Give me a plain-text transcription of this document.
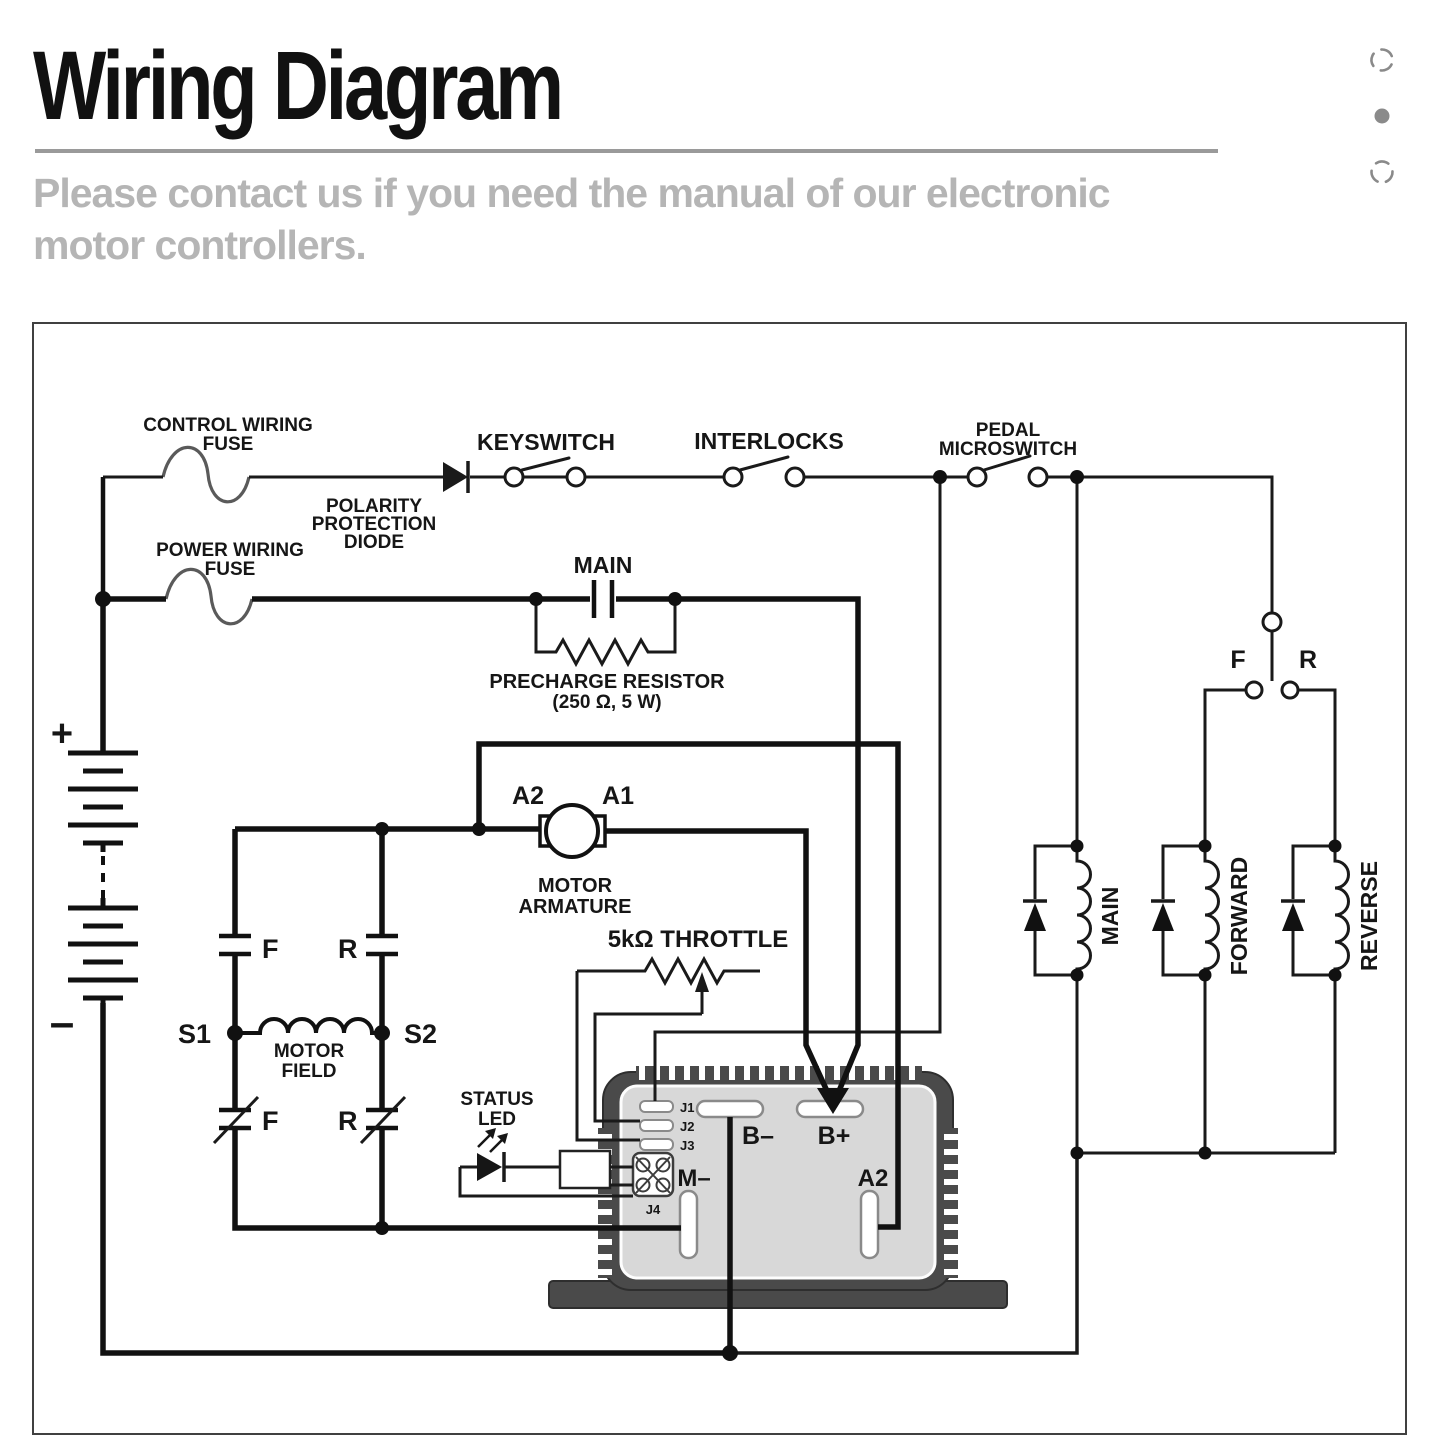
Wiring Diagram
Please contact us if you need the manual of our electronic motor controllers.
CONTROL WIRING
FUSE
POLARITY
PROTECTION
DIODE
KEYSWITCH	INTERLOCKS	PEDAL
MICROSWITCH
POWER WIRING
FUSE	MAIN
PRECHARGE RESISTOR
(250 Ω, 5 W)
+
–
A2 A1
MOTOR
ARMATURE
5kΩ THROTTLE
F R
F R
S1	S2
MOTOR
FIELD
STATUS
LED
F R
MAIN	FORWARD	REVERSE
J1
J2
J3
J4
B– B+
M–	A2
